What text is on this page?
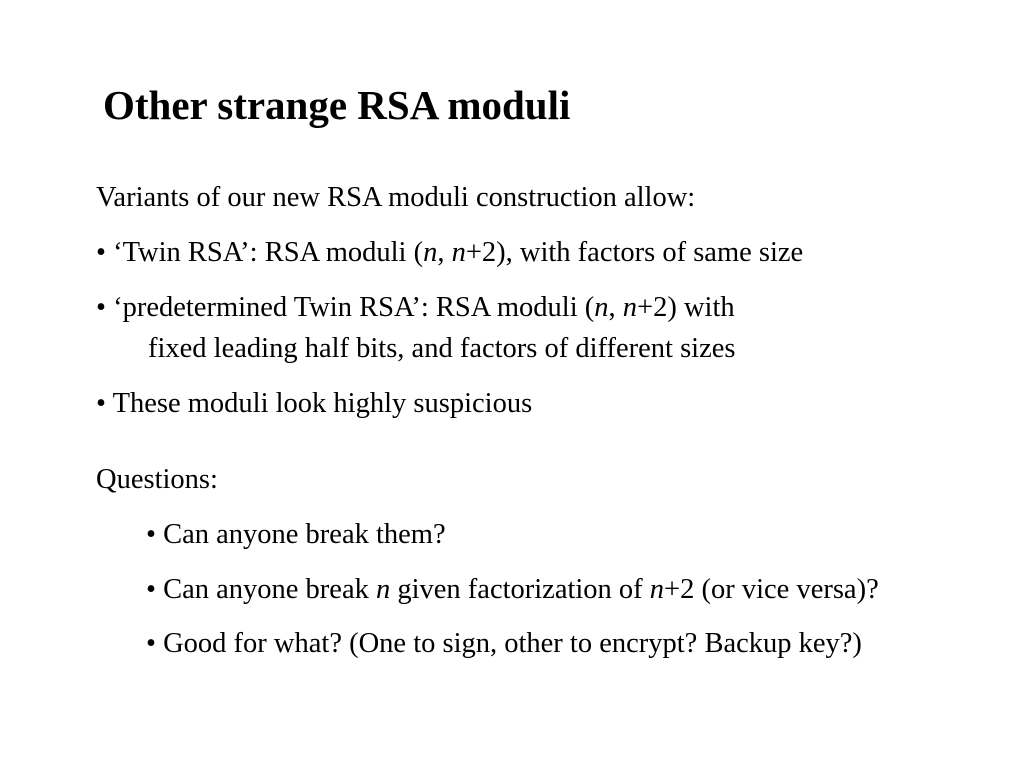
Other strange RSA moduli
Variants of our new RSA moduli construction allow:
• ‘Twin RSA’: RSA moduli (n, n+2), with factors of same size
• ‘predetermined Twin RSA’: RSA moduli (n, n+2) with
fixed leading half bits, and factors of different sizes
• These moduli look highly suspicious
Questions:
• Can anyone break them?
• Can anyone break n given factorization of n+2 (or vice versa)?
• Good for what? (One to sign, other to encrypt? Backup key?)
